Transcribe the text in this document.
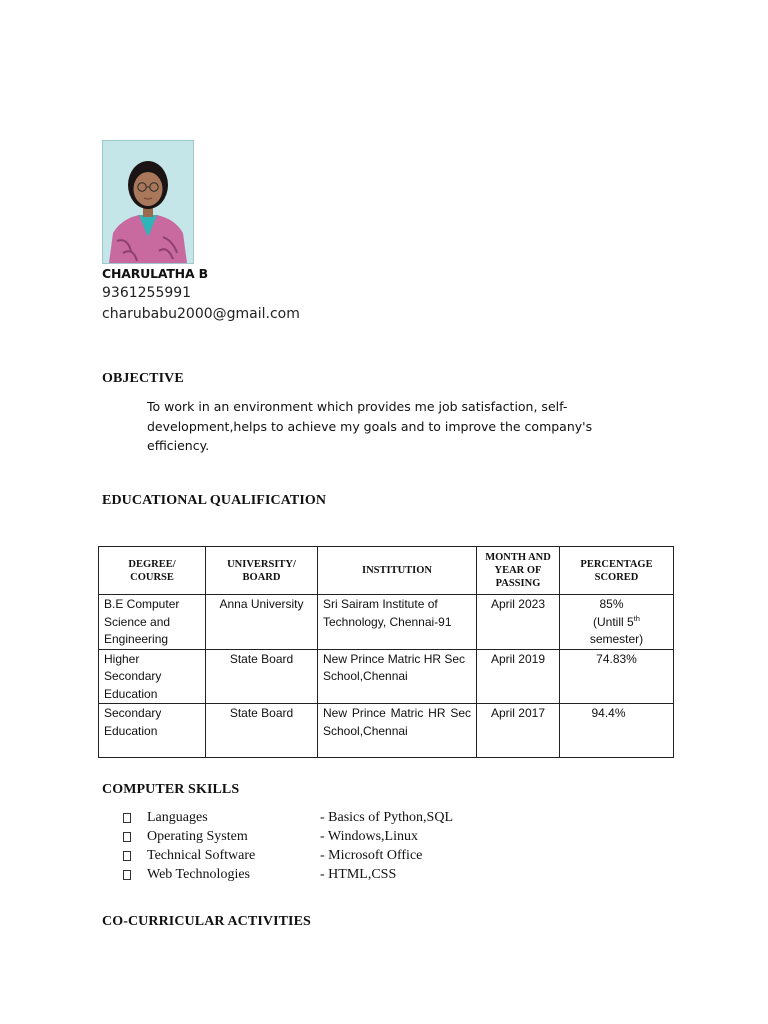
CHARULATHA B
9361255991
charubabu2000@gmail.com
OBJECTIVE
To work in an environment which provides me job satisfaction, self-development,helps to achieve my goals and to improve the company's efficiency.
EDUCATIONAL QUALIFICATION
DEGREE/ COURSE	UNIVERSITY/ BOARD	INSTITUTION	MONTH AND YEAR OF PASSING	PERCENTAGE SCORED

B.E Computer Science and Engineering	Anna University	Sri Sairam Institute of Technology, Chennai-91	April 2023	85%
(Untill 5th
semester)

Higher Secondary Education	State Board	New Prince Matric HR Sec School,Chennai	April 2019	74.83%
Secondary Education	State Board	New Prince Matric HR Sec School,Chennai	April 2017	94.4%
COMPUTER SKILLS
Languages	- Basics of Python,SQL
Operating System	- Windows,Linux
Technical Software	- Microsoft Office
Web Technologies	- HTML,CSS
CO-CURRICULAR ACTIVITIES
